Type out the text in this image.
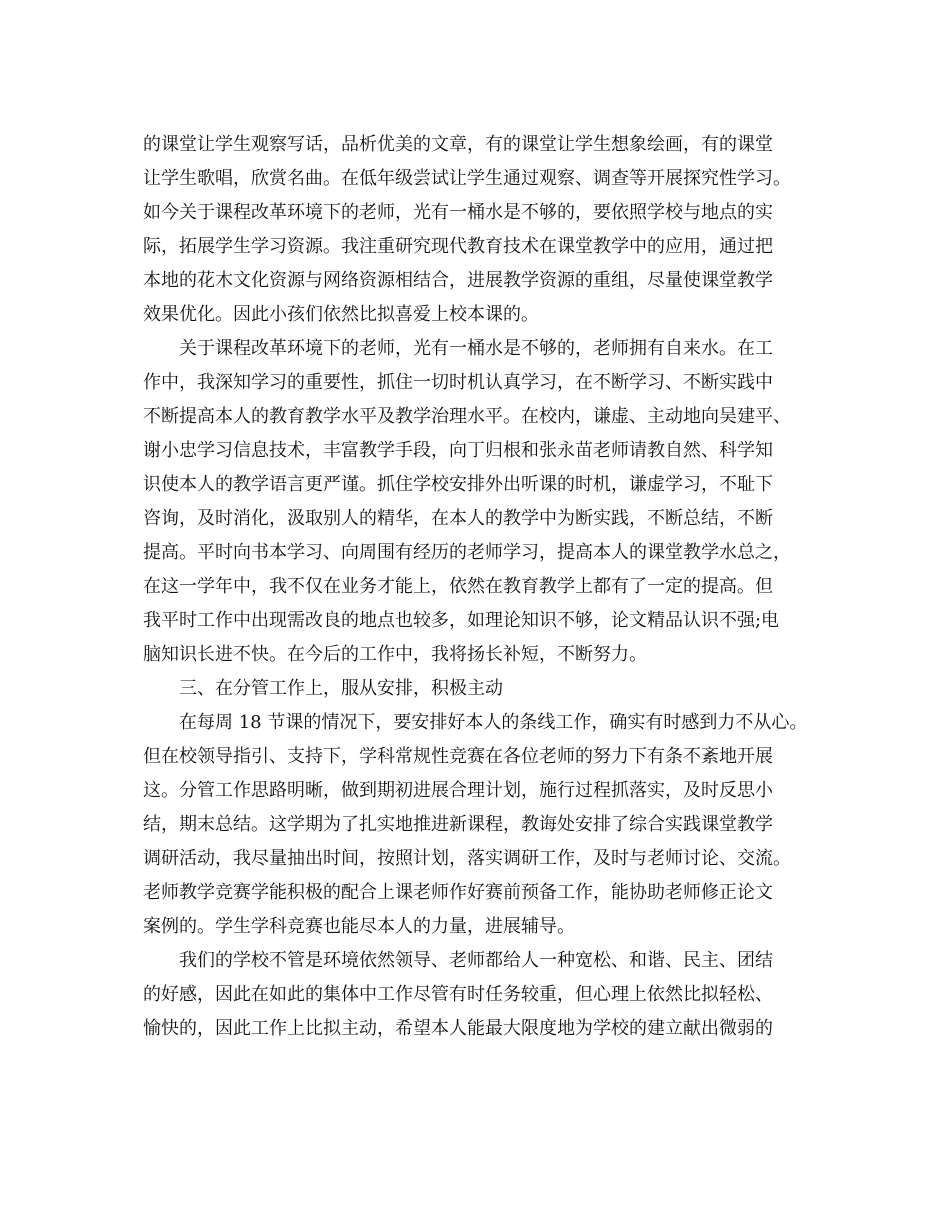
的课堂让学生观察写话，品析优美的文章，有的课堂让学生想象绘画，有的课堂
让学生歌唱，欣赏名曲。在低年级尝试让学生通过观察、调查等开展探究性学习。
如今关于课程改革环境下的老师，光有一桶水是不够的，要依照学校与地点的实
际，拓展学生学习资源。我注重研究现代教育技术在课堂教学中的应用，通过把
本地的花木文化资源与网络资源相结合，进展教学资源的重组，尽量使课堂教学
效果优化。因此小孩们依然比拟喜爱上校本课的。
关于课程改革环境下的老师，光有一桶水是不够的，老师拥有自来水。在工
作中，我深知学习的重要性，抓住一切时机认真学习，在不断学习、不断实践中
不断提高本人的教育教学水平及教学治理水平。在校内，谦虚、主动地向吴建平、
谢小忠学习信息技术，丰富教学手段，向丁归根和张永苗老师请教自然、科学知
识使本人的教学语言更严谨。抓住学校安排外出听课的时机，谦虚学习，不耻下
咨询，及时消化，汲取别人的精华，在本人的教学中为断实践，不断总结，不断
提高。平时向书本学习、向周围有经历的老师学习，提高本人的课堂教学水总之，
在这一学年中，我不仅在业务才能上，依然在教育教学上都有了一定的提高。但
我平时工作中出现需改良的地点也较多，如理论知识不够，论文精品认识不强;电
脑知识长进不快。在今后的工作中，我将扬长补短，不断努力。
三、在分管工作上，服从安排，积极主动
在每周 18 节课的情况下，要安排好本人的条线工作，确实有时感到力不从心。
但在校领导指引、支持下，学科常规性竞赛在各位老师的努力下有条不紊地开展
这。分管工作思路明晰，做到期初进展合理计划，施行过程抓落实，及时反思小
结，期末总结。这学期为了扎实地推进新课程，教诲处安排了综合实践课堂教学
调研活动，我尽量抽出时间，按照计划，落实调研工作，及时与老师讨论、交流。
老师教学竞赛学能积极的配合上课老师作好赛前预备工作，能协助老师修正论文
案例的。学生学科竞赛也能尽本人的力量，进展辅导。
我们的学校不管是环境依然领导、老师都给人一种宽松、和谐、民主、团结
的好感，因此在如此的集体中工作尽管有时任务较重，但心理上依然比拟轻松、
愉快的，因此工作上比拟主动，希望本人能最大限度地为学校的建立献出微弱的
